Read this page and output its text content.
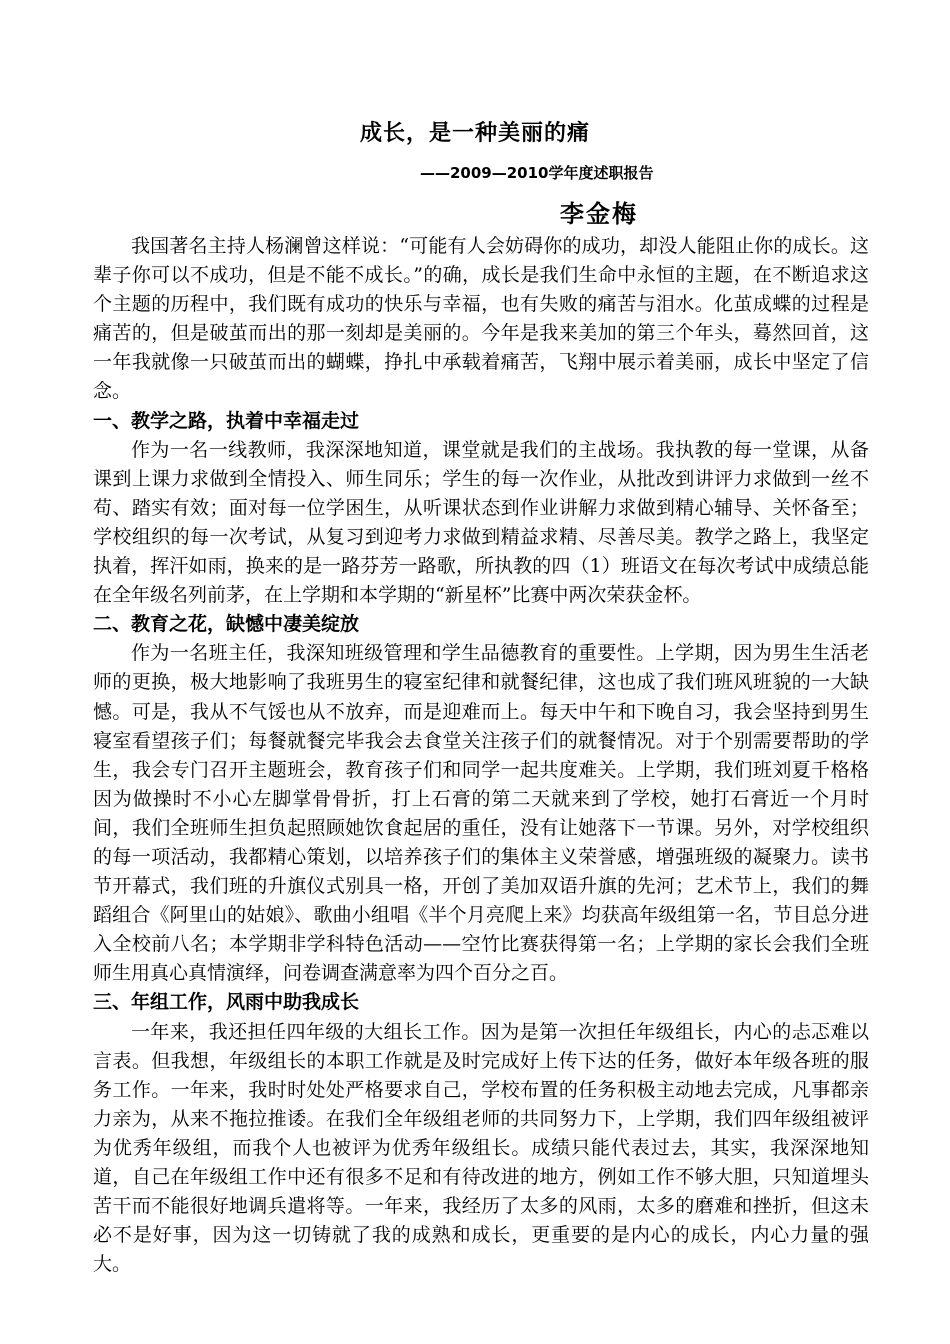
成长，是一种美丽的痛
——2009—2010学年度述职报告
李金梅

我国著名主持人杨澜曾这样说：“可能有人会妨碍你的成功，却没人能阻止你的成长。这辈子你可以不成功，但是不能不成长。”的确，成长是我们生命中永恒的主题，在不断追求这个主题的历程中，我们既有成功的快乐与幸福，也有失败的痛苦与泪水。化茧成蝶的过程是痛苦的，但是破茧而出的那一刻却是美丽的。今年是我来美加的第三个年头，蓦然回首，这一年我就像一只破茧而出的蝴蝶，挣扎中承载着痛苦，飞翔中展示着美丽，成长中坚定了信念。

一、教学之路，执着中幸福走过

作为一名一线教师，我深深地知道，课堂就是我们的主战场。我执教的每一堂课，从备课到上课力求做到全情投入、师生同乐；学生的每一次作业，从批改到讲评力求做到一丝不苟、踏实有效；面对每一位学困生，从听课状态到作业讲解力求做到精心辅导、关怀备至；学校组织的每一次考试，从复习到迎考力求做到精益求精、尽善尽美。教学之路上，我坚定执着，挥汗如雨，换来的是一路芬芳一路歌，所执教的四（1）班语文在每次考试中成绩总能在全年级名列前茅，在上学期和本学期的“新星杯”比赛中两次荣获金杯。

二、教育之花，缺憾中凄美绽放

作为一名班主任，我深知班级管理和学生品德教育的重要性。上学期，因为男生生活老师的更换，极大地影响了我班男生的寝室纪律和就餐纪律，这也成了我们班风班貌的一大缺憾。可是，我从不气馁也从不放弃，而是迎难而上。每天中午和下晚自习，我会坚持到男生寝室看望孩子们；每餐就餐完毕我会去食堂关注孩子们的就餐情况。对于个别需要帮助的学生，我会专门召开主题班会，教育孩子们和同学一起共度难关。上学期，我们班刘夏千格格因为做操时不小心左脚掌骨骨折，打上石膏的第二天就来到了学校，她打石膏近一个月时间，我们全班师生担负起照顾她饮食起居的重任，没有让她落下一节课。另外，对学校组织的每一项活动，我都精心策划，以培养孩子们的集体主义荣誉感，增强班级的凝聚力。读书节开幕式，我们班的升旗仪式别具一格，开创了美加双语升旗的先河；艺术节上，我们的舞蹈组合《阿里山的姑娘》、歌曲小组唱《半个月亮爬上来》均获高年级组第一名，节目总分进入全校前八名；本学期非学科特色活动——空竹比赛获得第一名；上学期的家长会我们全班师生用真心真情演绎，问卷调查满意率为四个百分之百。

三、年组工作，风雨中助我成长

一年来，我还担任四年级的大组长工作。因为是第一次担任年级组长，内心的忐忑难以言表。但我想，年级组长的本职工作就是及时完成好上传下达的任务，做好本年级各班的服务工作。一年来，我时时处处严格要求自己，学校布置的任务积极主动地去完成，凡事都亲力亲为，从来不拖拉推诿。在我们全年级组老师的共同努力下，上学期，我们四年级组被评为优秀年级组，而我个人也被评为优秀年级组长。成绩只能代表过去，其实，我深深地知道，自己在年级组工作中还有很多不足和有待改进的地方，例如工作不够大胆，只知道埋头苦干而不能很好地调兵遣将等。一年来，我经历了太多的风雨，太多的磨难和挫折，但这未必不是好事，因为这一切铸就了我的成熟和成长，更重要的是内心的成长，内心力量的强大。
